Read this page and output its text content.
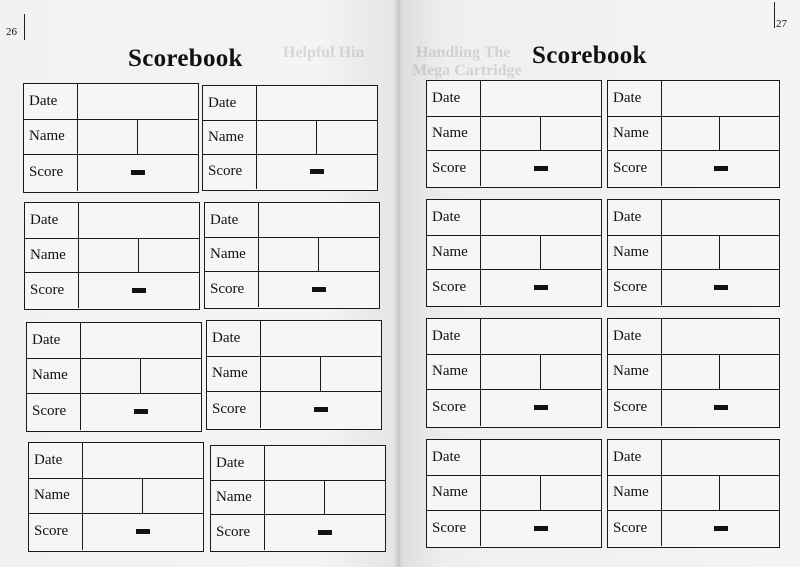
Helpful Hin	Handling The
Mega Cartridge
26
27
Scorebook	Scorebook
Date
Name
Score
Date
Name
Score
Date
Name
Score
Date
Name
Score
Date
Name
Score
Date
Name
Score
Date
Name
Score
Date
Name
Score
Date
Name
Score
Date
Name
Score
Date
Name
Score
Date
Name
Score
Date
Name
Score
Date
Name
Score
Date
Name
Score
Date
Name
Score
